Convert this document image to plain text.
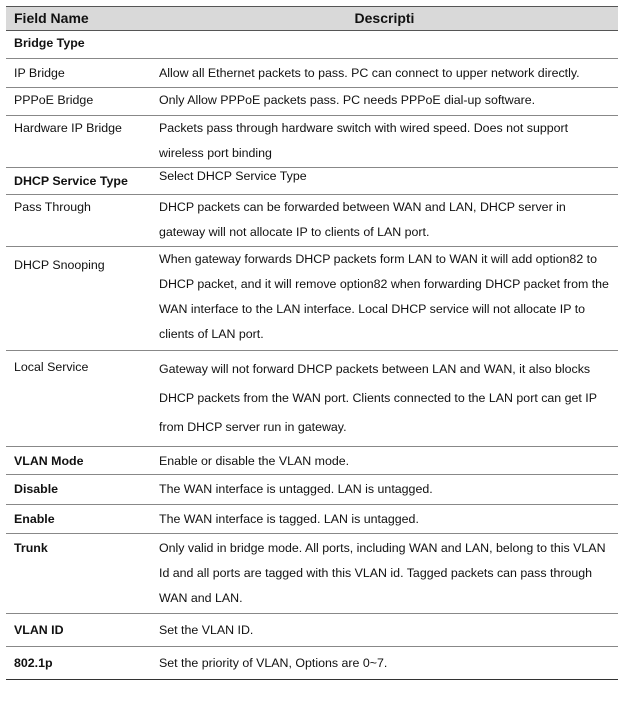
Field Name	Descripti
Bridge Type	
IP Bridge	Allow all Ethernet packets to pass. PC can connect to upper network directly.
PPPoE Bridge	Only Allow PPPoE packets pass. PC needs PPPoE dial-up software.
Hardware IP Bridge	Packets pass through hardware switch with wired speed. Does not support wireless port binding
DHCP Service Type	Select DHCP Service Type
Pass Through	DHCP packets can be forwarded between WAN and LAN, DHCP server in gateway will not allocate IP to clients of LAN port.
DHCP Snooping	When gateway forwards DHCP packets form LAN to WAN it will add option82 to DHCP packet, and it will remove option82 when forwarding DHCP packet from the WAN interface to the LAN interface. Local DHCP service will not allocate IP to clients of LAN port.
Local Service	Gateway will not forward DHCP packets between LAN and WAN, it also blocks DHCP packets from the WAN port. Clients connected to the LAN port can get IP from DHCP server run in gateway.
VLAN Mode	Enable or disable the VLAN mode.
Disable	The WAN interface is untagged. LAN is untagged.
Enable	The WAN interface is tagged. LAN is untagged.
Trunk	Only valid in bridge mode. All ports, including WAN and LAN, belong to this VLAN Id and all ports are tagged with this VLAN id. Tagged packets can pass through WAN and LAN.
VLAN ID	Set the VLAN ID.
802.1p	Set the priority of VLAN, Options are 0~7.
